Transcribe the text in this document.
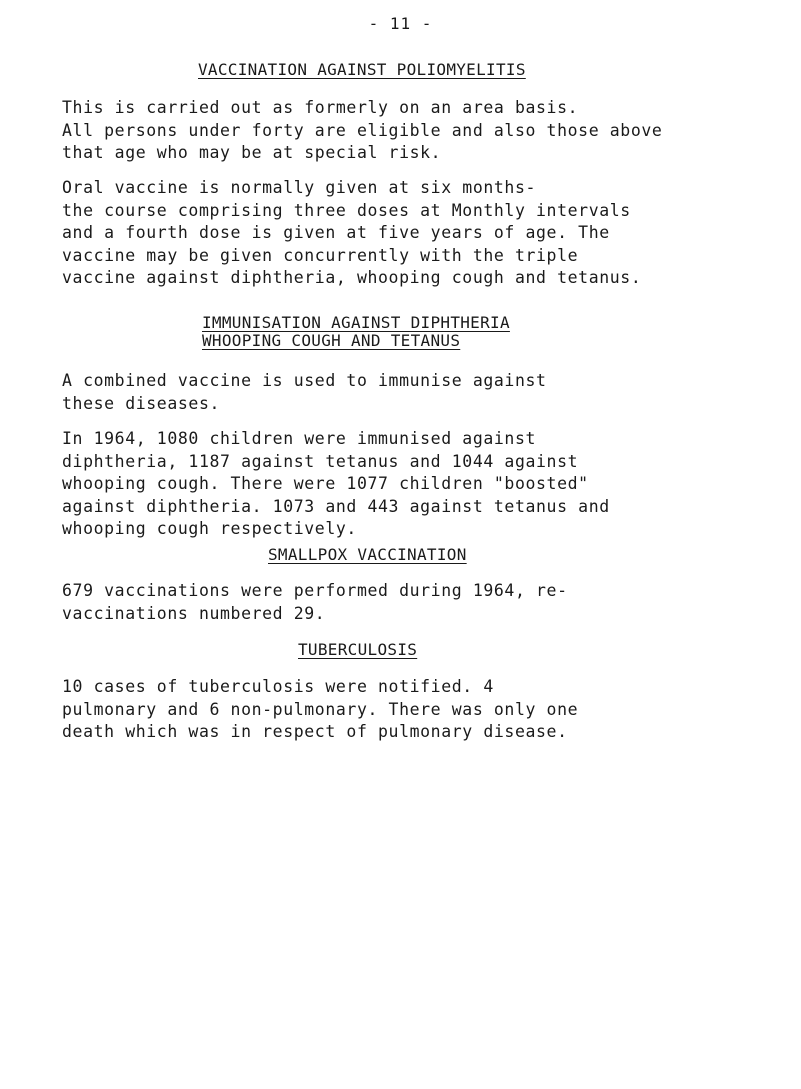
- 11 -
VACCINATION AGAINST POLIOMYELITIS
This is carried out as formerly on an area basis.
All persons under forty are eligible and also those above
that age who may be at special risk.
Oral vaccine is normally given at six months-
the course comprising three doses at Monthly intervals
and a fourth dose is given at five years of age. The
vaccine may be given concurrently with the triple
vaccine against diphtheria, whooping cough and tetanus.
IMMUNISATION AGAINST DIPHTHERIA
WHOOPING COUGH AND TETANUS
A combined vaccine is used to immunise against
these diseases.
In 1964, 1080 children were immunised against
diphtheria, 1187 against tetanus and 1044 against
whooping cough. There were 1077 children "boosted"
against diphtheria. 1073 and 443 against tetanus and
whooping cough respectively.
SMALLPOX VACCINATION
679 vaccinations were performed during 1964, re-
vaccinations numbered 29.
TUBERCULOSIS
10 cases of tuberculosis were notified. 4
pulmonary and 6 non-pulmonary. There was only one
death which was in respect of pulmonary disease.
